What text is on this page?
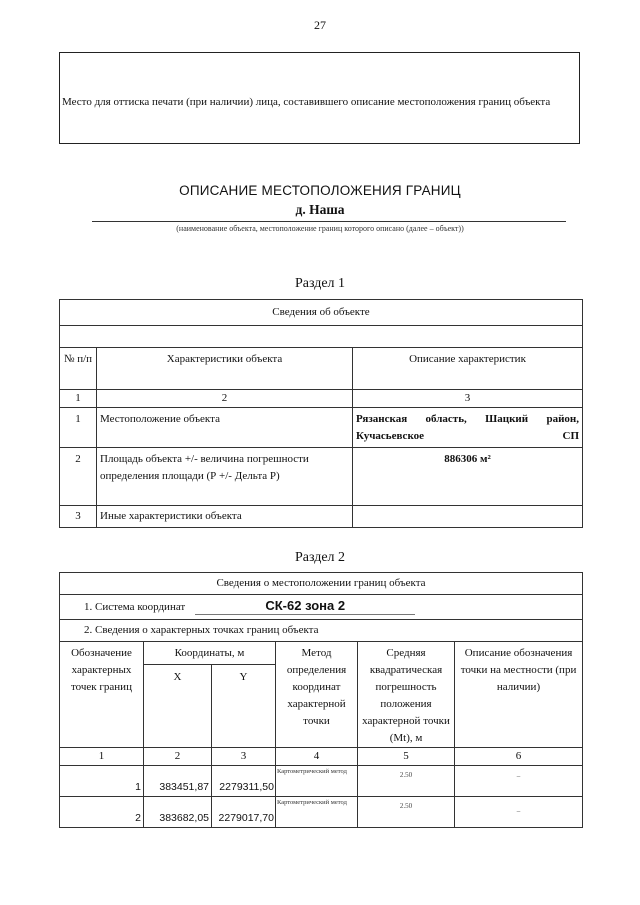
27
Место для оттиска печати (при наличии) лица, составившего описание местоположения границ объекта
ОПИСАНИЕ МЕСТОПОЛОЖЕНИЯ ГРАНИЦ
д. Наша
(наименование объекта, местоположение границ которого описано (далее – объект))
Раздел 1
Сведения об объекте		

№ п/п	Характеристики объекта	Описание характеристик
1	2	3
1	Местоположение объекта	Рязанская область, Шацкий район, Кучасьевское СП
2	Площадь объекта +/- величина погрешности определения площади (Р +/- Дельта Р)	886306 м²
3	Иные характеристики объекта	
Раздел 2
Сведения о местоположении границ объекта					
1. Система координат СК-62 зона 2					
2. Сведения о характерных точках границ объекта					
Обозначение характерных точек границ	Координаты, м		Метод определения координат характерной точки	Средняя квадратическая погрешность положения характерной точки (Mt), м	Описание обозначения точки на местности (при наличии)
	X	Y			
1	2	3	4	5	6
1	383451,87	2279311,50	Картометрический метод	2.50	–
2	383682,05	2279017,70	Картометрический метод	2.50	–
